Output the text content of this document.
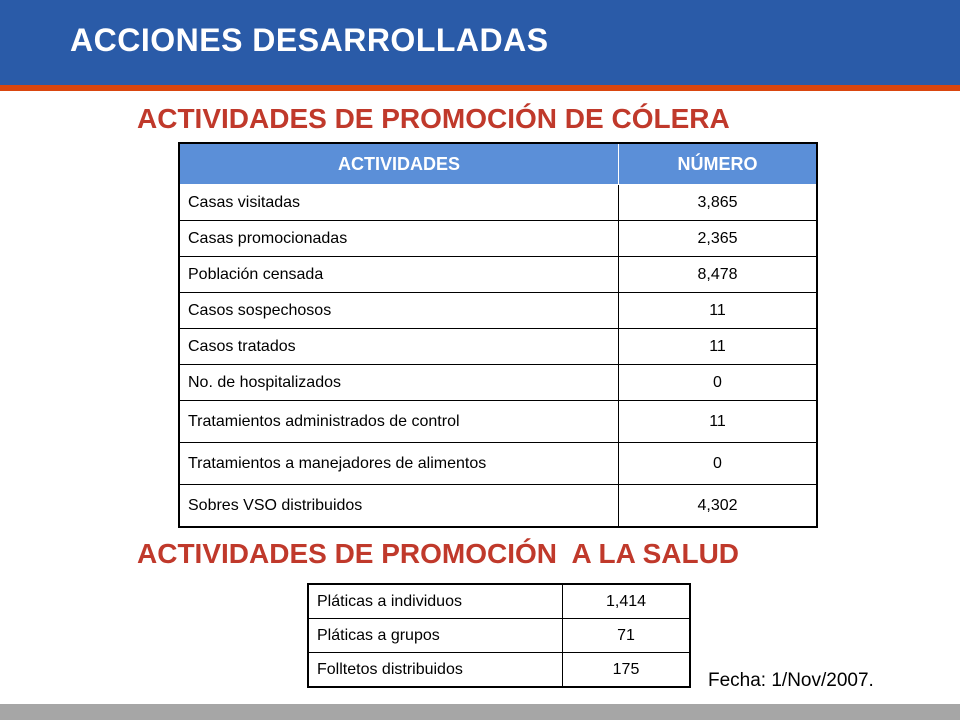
ACCIONES DESARROLLADAS
ACTIVIDADES DE PROMOCIÓN DE CÓLERA
ACTIVIDADES	NÚMERO
Casas visitadas	3,865
Casas promocionadas	2,365
Población censada	8,478
Casos sospechosos	11
Casos tratados	11
No. de hospitalizados	0
Tratamientos administrados de control	11
Tratamientos a manejadores de alimentos	0
Sobres VSO distribuidos	4,302
ACTIVIDADES DE PROMOCIÓN  A LA SALUD
Pláticas a individuos	1,414
Pláticas a grupos	71
Folltetos distribuidos	175
Fecha: 1/Nov/2007.
